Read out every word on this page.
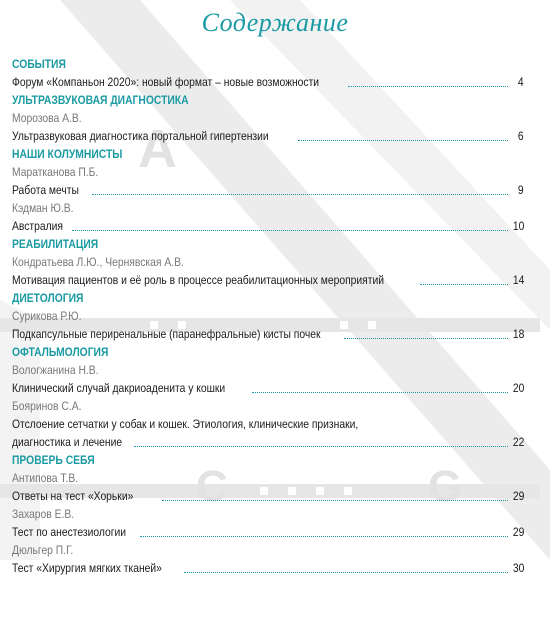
A
C	G
Содержание
СОБЫТИЯ
Форум «Компаньон 2020»: новый формат – новые возможности	4
УЛЬТРАЗВУКОВАЯ ДИАГНОСТИКА
Морозова А.В.
Ультразвуковая диагностика портальной гипертензии	6
НАШИ КОЛУМНИСТЫ
Маратканова П.Б.
Работа мечты	9
Кэдман Ю.В.
Австралия	10
РЕАБИЛИТАЦИЯ
Кондратьева Л.Ю., Чернявская А.В.
Мотивация пациентов и её роль в процессе реабилитационных мероприятий	14
ДИЕТОЛОГИЯ
Сурикова Р.Ю.
Подкапсульные периренальные (паранефральные) кисты почек	18
ОФТАЛЬМОЛОГИЯ
Вологжанина Н.В.
Клинический случай дакриоаденита у кошки	20
Бояринов С.А.
Отслоение сетчатки у собак и кошек. Этиология, клинические признаки,
диагностика и лечение	22
ПРОВЕРЬ СЕБЯ
Антипова Т.В.
Ответы на тест «Хорьки»	29
Захаров Е.В.
Тест по анестезиологии	29
Дюльгер П.Г.
Тест «Хирургия мягких тканей»	30
